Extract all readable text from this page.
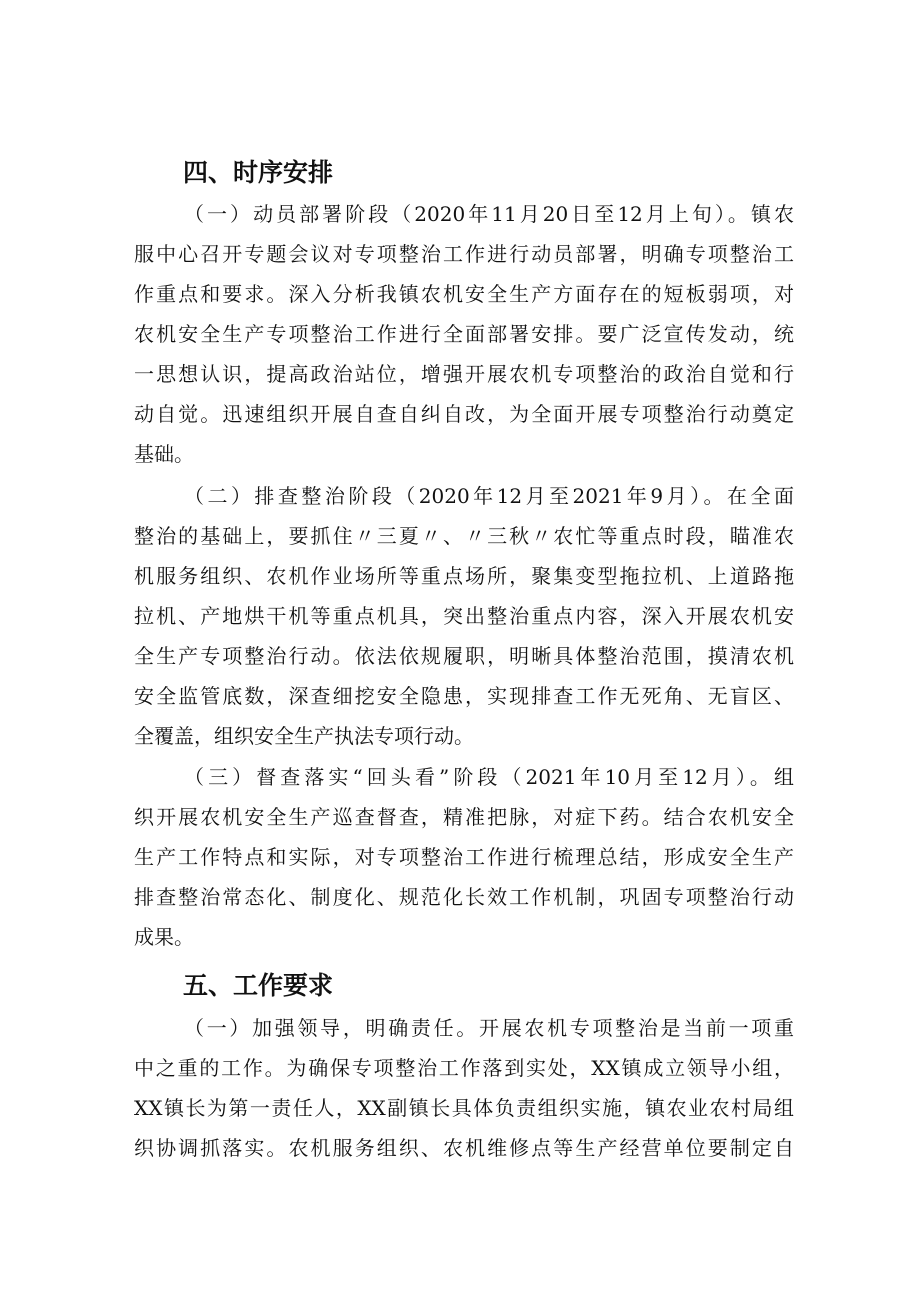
四、时序安排
（一）动员部署阶段（2020年11月20日至12月上旬）。镇农
服中心召开专题会议对专项整治工作进行动员部署，明确专项整治工
作重点和要求。深入分析我镇农机安全生产方面存在的短板弱项，对
农机安全生产专项整治工作进行全面部署安排。要广泛宣传发动，统
一思想认识，提高政治站位，增强开展农机专项整治的政治自觉和行
动自觉。迅速组织开展自查自纠自改，为全面开展专项整治行动奠定
基础。
（二）排查整治阶段（2020年12月至2021年9月）。在全面
整治的基础上，要抓住〃三夏〃、〃三秋〃农忙等重点时段，瞄准农
机服务组织、农机作业场所等重点场所，聚集变型拖拉机、上道路拖
拉机、产地烘干机等重点机具，突出整治重点内容，深入开展农机安
全生产专项整治行动。依法依规履职，明晰具体整治范围，摸清农机
安全监管底数，深查细挖安全隐患，实现排查工作无死角、无盲区、
全覆盖，组织安全生产执法专项行动。
（三）督查落实“回头看”阶段（2021年10月至12月）。组
织开展农机安全生产巡查督查，精准把脉，对症下药。结合农机安全
生产工作特点和实际，对专项整治工作进行梳理总结，形成安全生产
排查整治常态化、制度化、规范化长效工作机制，巩固专项整治行动
成果。
五、工作要求
（一）加强领导，明确责任。开展农机专项整治是当前一项重
中之重的工作。为确保专项整治工作落到实处，XX镇成立领导小组，
XX镇长为第一责任人，XX副镇长具体负责组织实施，镇农业农村局组
织协调抓落实。农机服务组织、农机维修点等生产经营单位要制定自
